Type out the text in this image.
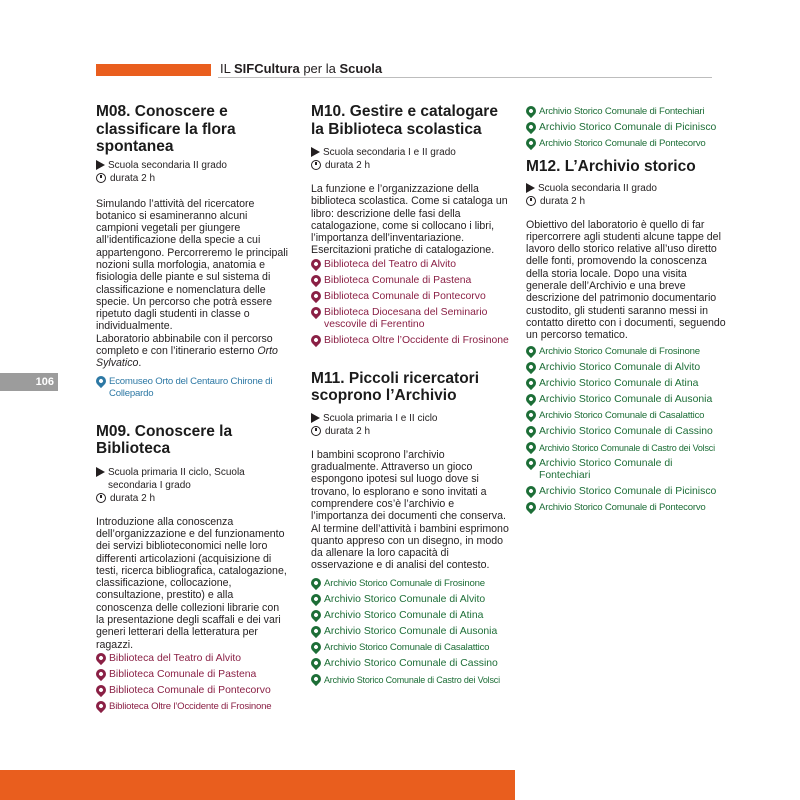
IL SIFCultura per la Scuola
106
M08. Conoscere e classificare la flora spontanea
Scuola secondaria II grado
durata 2 h

Simulando l’attività del ricercatore botanico si esamineranno alcuni campioni vegetali per giungere all’identificazione della specie a cui appartengono. Percorreremo le principali nozioni sulla morfologia, anatomia e fisiologia delle piante e sul sistema di classificazione e nomenclatura delle specie. Un percorso che potrà essere ripetuto dagli studenti in classe o individualmente.

Laboratorio abbinabile con il percorso completo e con l’itinerario esterno Orto Sylvatico.

Ecomuseo Orto del Centauro Chirone di Collepardo
M09. Conoscere la Biblioteca
Scuola primaria II ciclo, Scuola secondaria I grado
durata 2 h

Introduzione alla conoscenza dell’organizzazione e del funzionamento dei servizi biblioteconomici nelle loro differenti articolazioni (acquisizione di testi, ricerca bibliografica, catalogazione, classificazione, collocazione, consultazione, prestito) e alla conoscenza delle collezioni librarie con la presentazione degli scaffali e dei vari generi letterari della letteratura per ragazzi.

Biblioteca del Teatro di Alvito
Biblioteca Comunale di Pastena
Biblioteca Comunale di Pontecorvo
Biblioteca Oltre l’Occidente di Frosinone
M10. Gestire e catalogare la Biblioteca scolastica
Scuola secondaria I e II grado
durata 2 h

La funzione e l’organizzazione della biblioteca scolastica. Come si cataloga un libro: descrizione delle fasi della catalogazione, come si collocano i libri, l’importanza dell’inventariazione. Esercitazioni pratiche di catalogazione.

Biblioteca del Teatro di Alvito
Biblioteca Comunale di Pastena
Biblioteca Comunale di Pontecorvo
Biblioteca Diocesana del Seminario vescovile di Ferentino
Biblioteca Oltre l’Occidente di Frosinone
M11. Piccoli ricercatori scoprono l’Archivio
Scuola primaria I e II ciclo
durata 2 h

I bambini scoprono l’archivio gradualmente. Attraverso un gioco espongono ipotesi sul luogo dove si trovano, lo esplorano e sono invitati a comprendere cos’è l’archivio e l’importanza dei documenti che conserva. Al termine dell’attività i bambini esprimono quanto appreso con un disegno, in modo da allenare la loro capacità di osservazione e di analisi del contesto.

Archivio Storico Comunale di Frosinone
Archivio Storico Comunale di Alvito
Archivio Storico Comunale di Atina
Archivio Storico Comunale di Ausonia
Archivio Storico Comunale di Casalattico
Archivio Storico Comunale di Cassino
Archivio Storico Comunale di Castro dei Volsci
Archivio Storico Comunale di Fontechiari
Archivio Storico Comunale di Picinisco
Archivio Storico Comunale di Pontecorvo
M12. L’Archivio storico
Scuola secondaria II grado
durata 2 h

Obiettivo del laboratorio è quello di far ripercorrere agli studenti alcune tappe del lavoro dello storico relative all’uso diretto delle fonti, promovendo la conoscenza della storia locale. Dopo una visita generale dell’Archivio e una breve descrizione del patrimonio documentario custodito, gli studenti saranno messi in contatto diretto con i documenti, seguendo un percorso tematico.

Archivio Storico Comunale di Frosinone
Archivio Storico Comunale di Alvito
Archivio Storico Comunale di Atina
Archivio Storico Comunale di Ausonia
Archivio Storico Comunale di Casalattico
Archivio Storico Comunale di Cassino
Archivio Storico Comunale di Castro dei Volsci
Archivio Storico Comunale di Fontechiari
Archivio Storico Comunale di Picinisco
Archivio Storico Comunale di Pontecorvo
